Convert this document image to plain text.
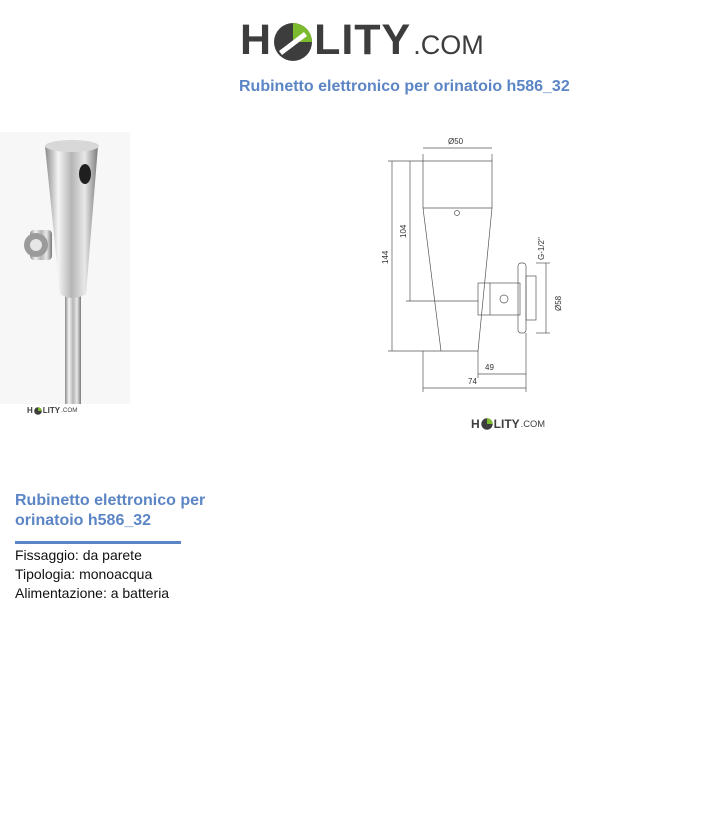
H LITY .COM
Rubinetto elettronico per orinatoio h586_32
H LITY .COM
Ø50
104
144	G-1/2"
Ø58
49
74
H LITY .COM
Rubinetto elettronico per orinatoio h586_32
Fissaggio: da parete
Tipologia: monoacqua
Alimentazione: a batteria
